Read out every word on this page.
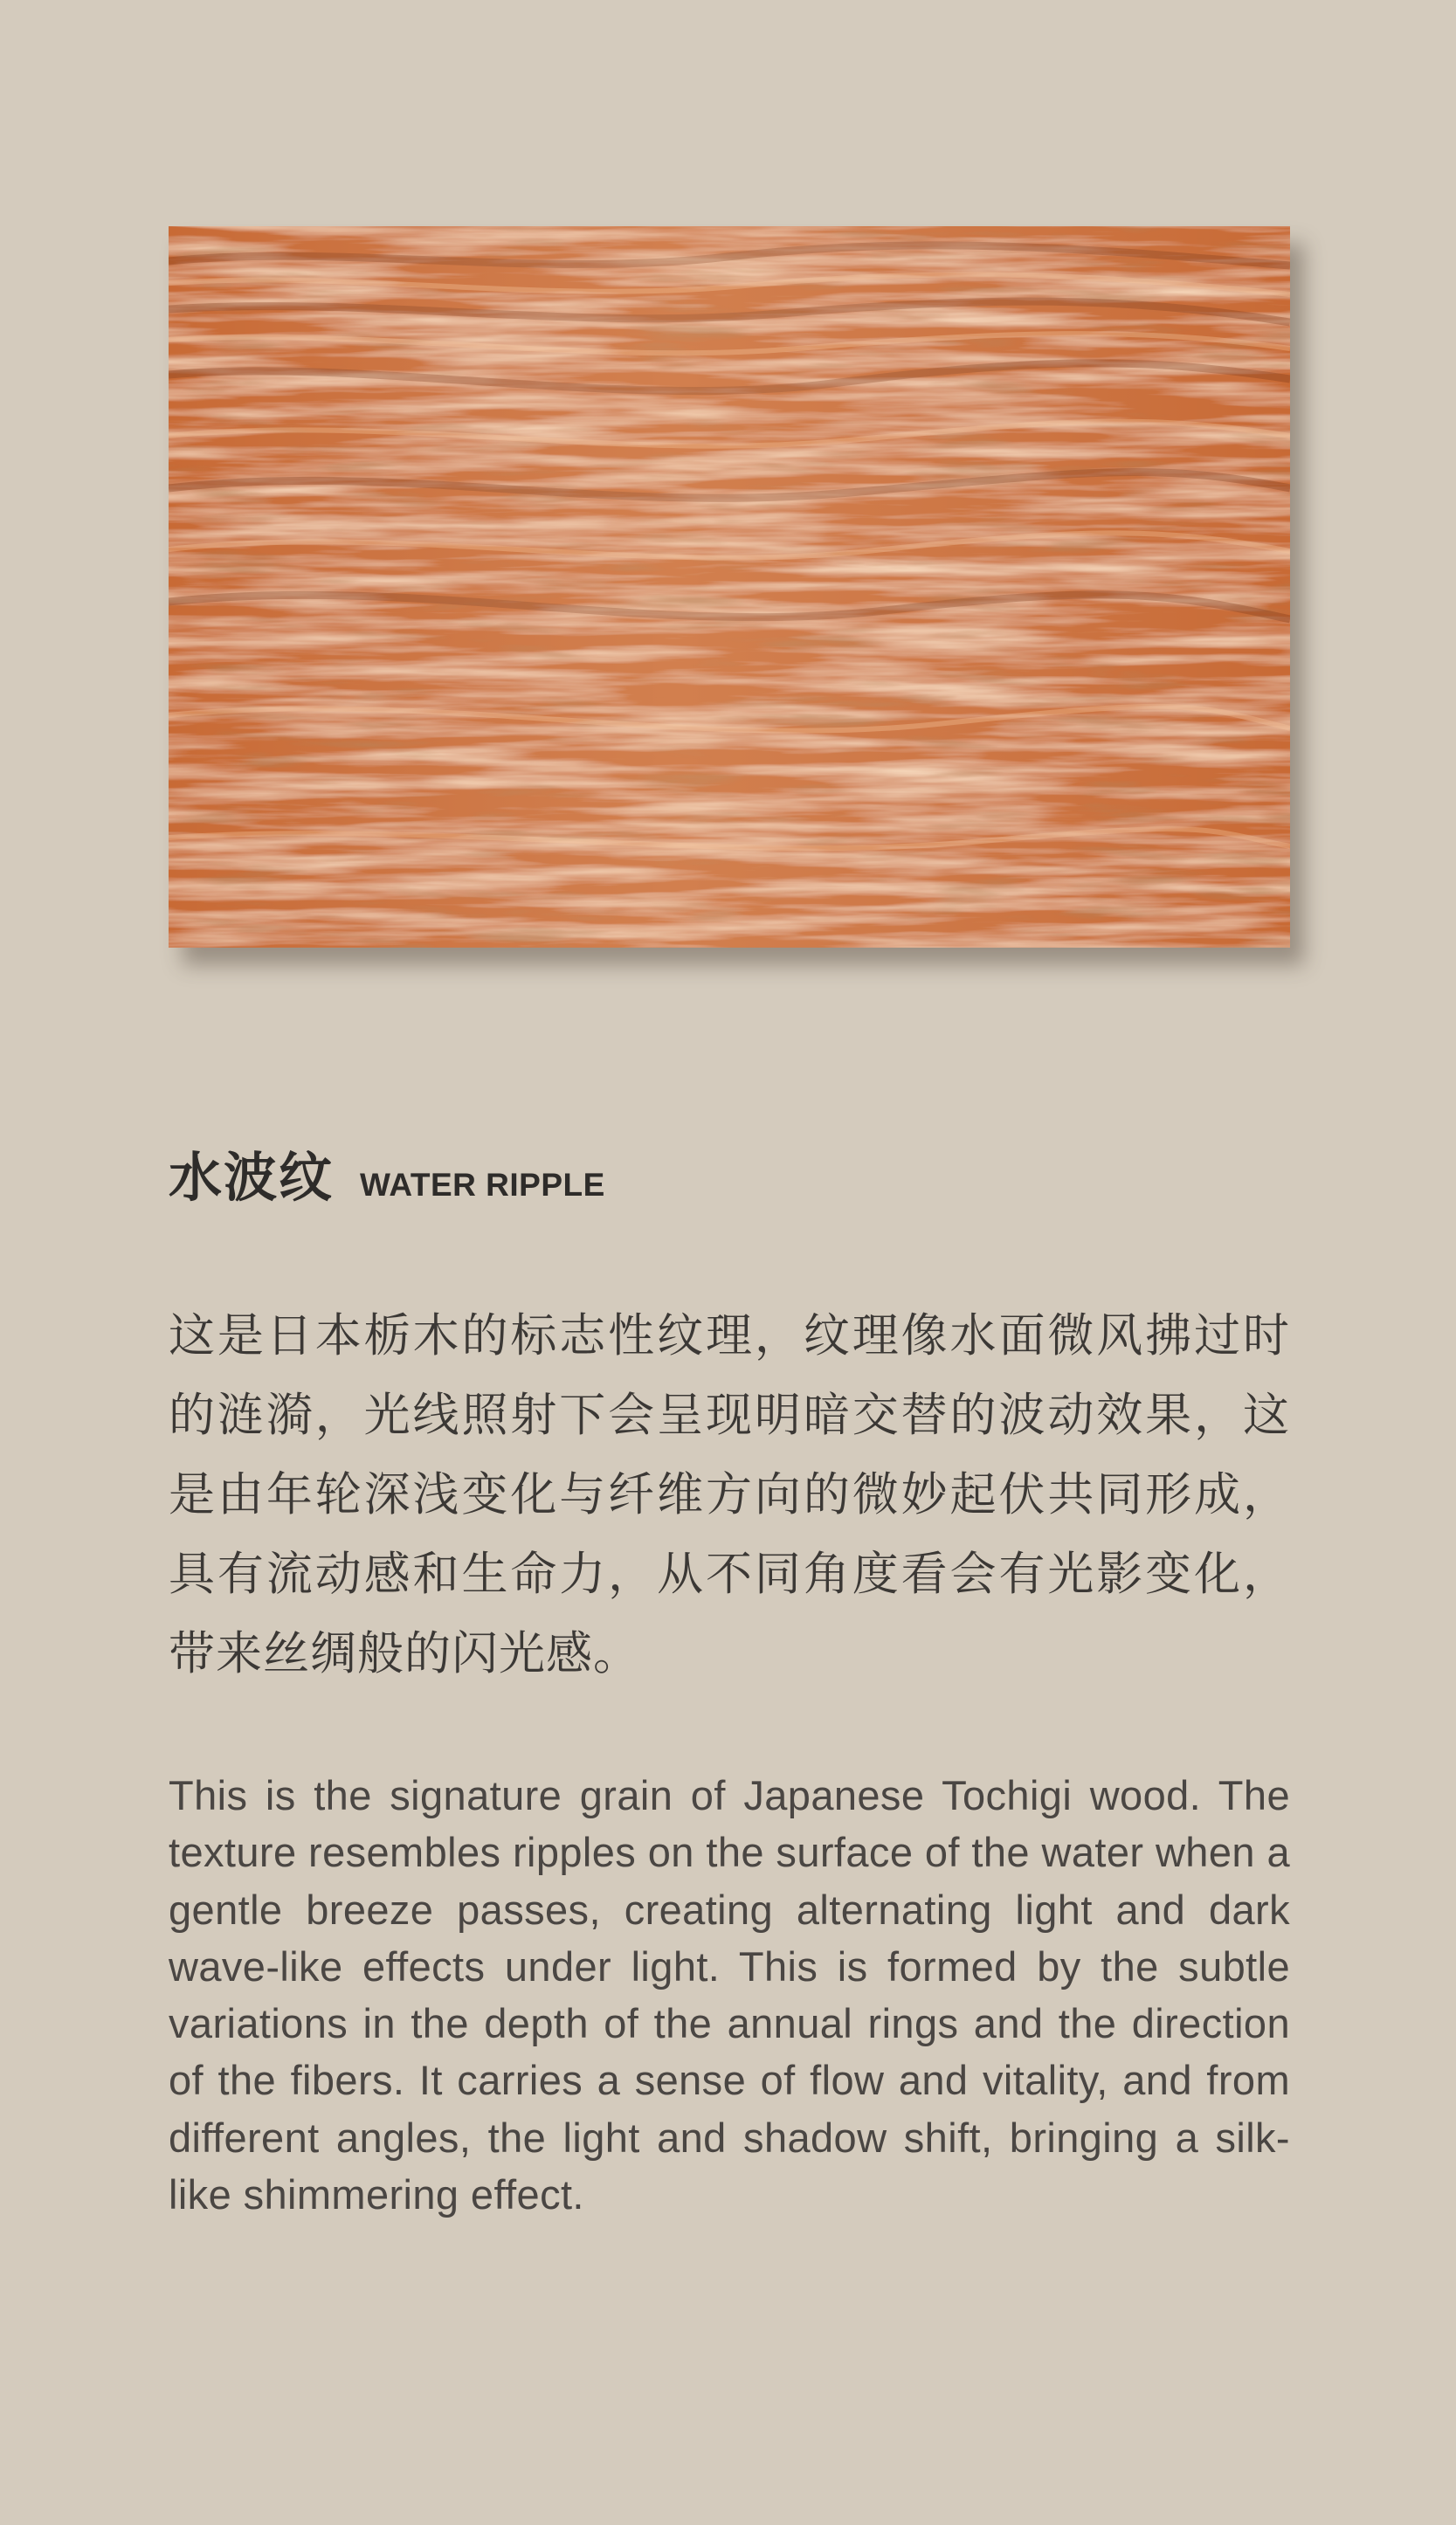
水波纹 WATER RIPPLE

这是日本栃木的标志性纹理，纹理像水面微风拂过时的涟漪，光线照射下会呈现明暗交替的波动效果，这是由年轮深浅变化与纤维方向的微妙起伏共同形成，具有流动感和生命力，从不同角度看会有光影变化，带来丝绸般的闪光感。

This is the signature grain of Japanese Tochigi wood. The texture resembles ripples on the surface of the water when a gentle breeze passes, creating alternating light and dark wave-like effects under light. This is formed by the subtle variations in the depth of the annual rings and the direction of the fibers. It carries a sense of flow and vitality, and from different angles, the light and shadow shift, bringing a silk-like shimmering effect.
